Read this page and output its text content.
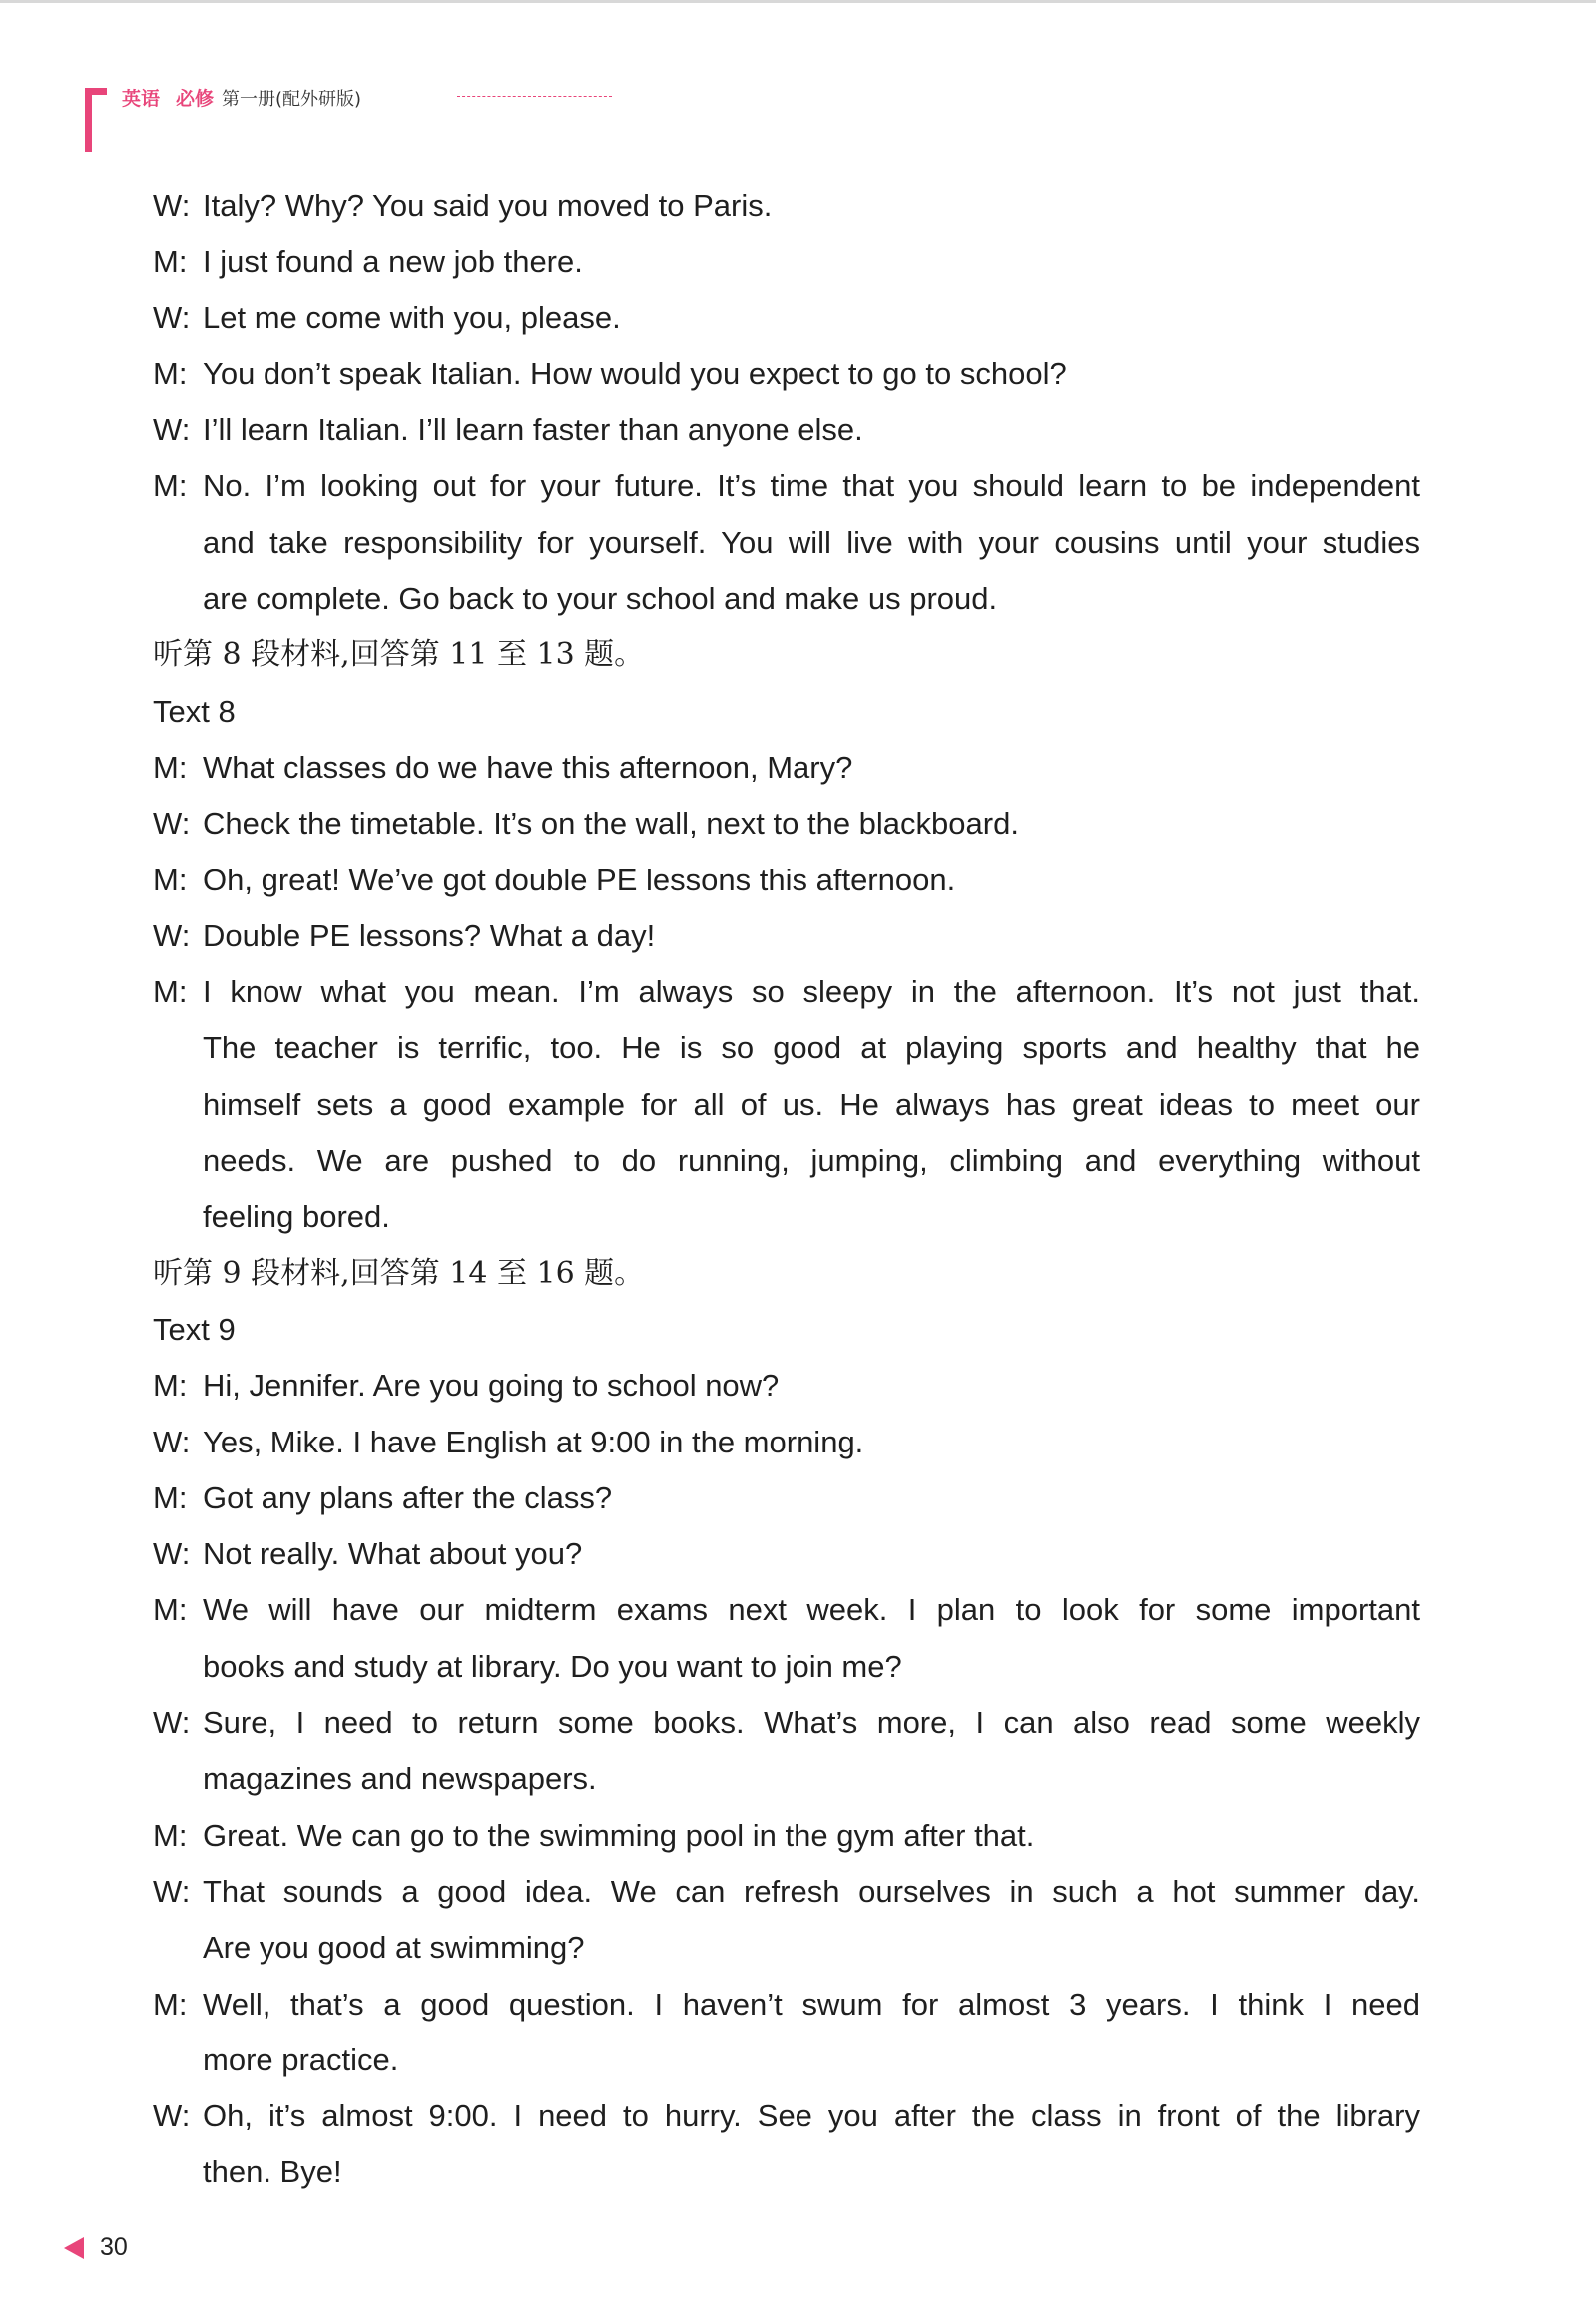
英语 必修 第一册(配外研版)
W: Italy? Why? You said you moved to Paris.
M: I just found a new job there.
W: Let me come with you, please.
M: You don’t speak Italian. How would you expect to go to school?
W: I’ll learn Italian. I’ll learn faster than anyone else.
M: No. I’m looking out for your future. It’s time that you should learn to be independent
and take responsibility for yourself. You will live with your cousins until your studies
are complete. Go back to your school and make us proud.
听第 8 段材料,回答第 11 至 13 题。
Text 8
M: What classes do we have this afternoon, Mary?
W: Check the timetable. It’s on the wall, next to the blackboard.
M: Oh, great! We’ve got double PE lessons this afternoon.
W: Double PE lessons? What a day!
M: I know what you mean. I’m always so sleepy in the afternoon. It’s not just that.
The teacher is terrific, too. He is so good at playing sports and healthy that he
himself sets a good example for all of us. He always has great ideas to meet our
needs. We are pushed to do running, jumping, climbing and everything without
feeling bored.
听第 9 段材料,回答第 14 至 16 题。
Text 9
M: Hi, Jennifer. Are you going to school now?
W: Yes, Mike. I have English at 9:00 in the morning.
M: Got any plans after the class?
W: Not really. What about you?
M: We will have our midterm exams next week. I plan to look for some important
books and study at library. Do you want to join me?
W: Sure, I need to return some books. What’s more, I can also read some weekly
magazines and newspapers.
M: Great. We can go to the swimming pool in the gym after that.
W: That sounds a good idea. We can refresh ourselves in such a hot summer day.
Are you good at swimming?
M: Well, that’s a good question. I haven’t swum for almost 3 years. I think I need
more practice.
W: Oh, it’s almost 9:00. I need to hurry. See you after the class in front of the library
then. Bye!
30
